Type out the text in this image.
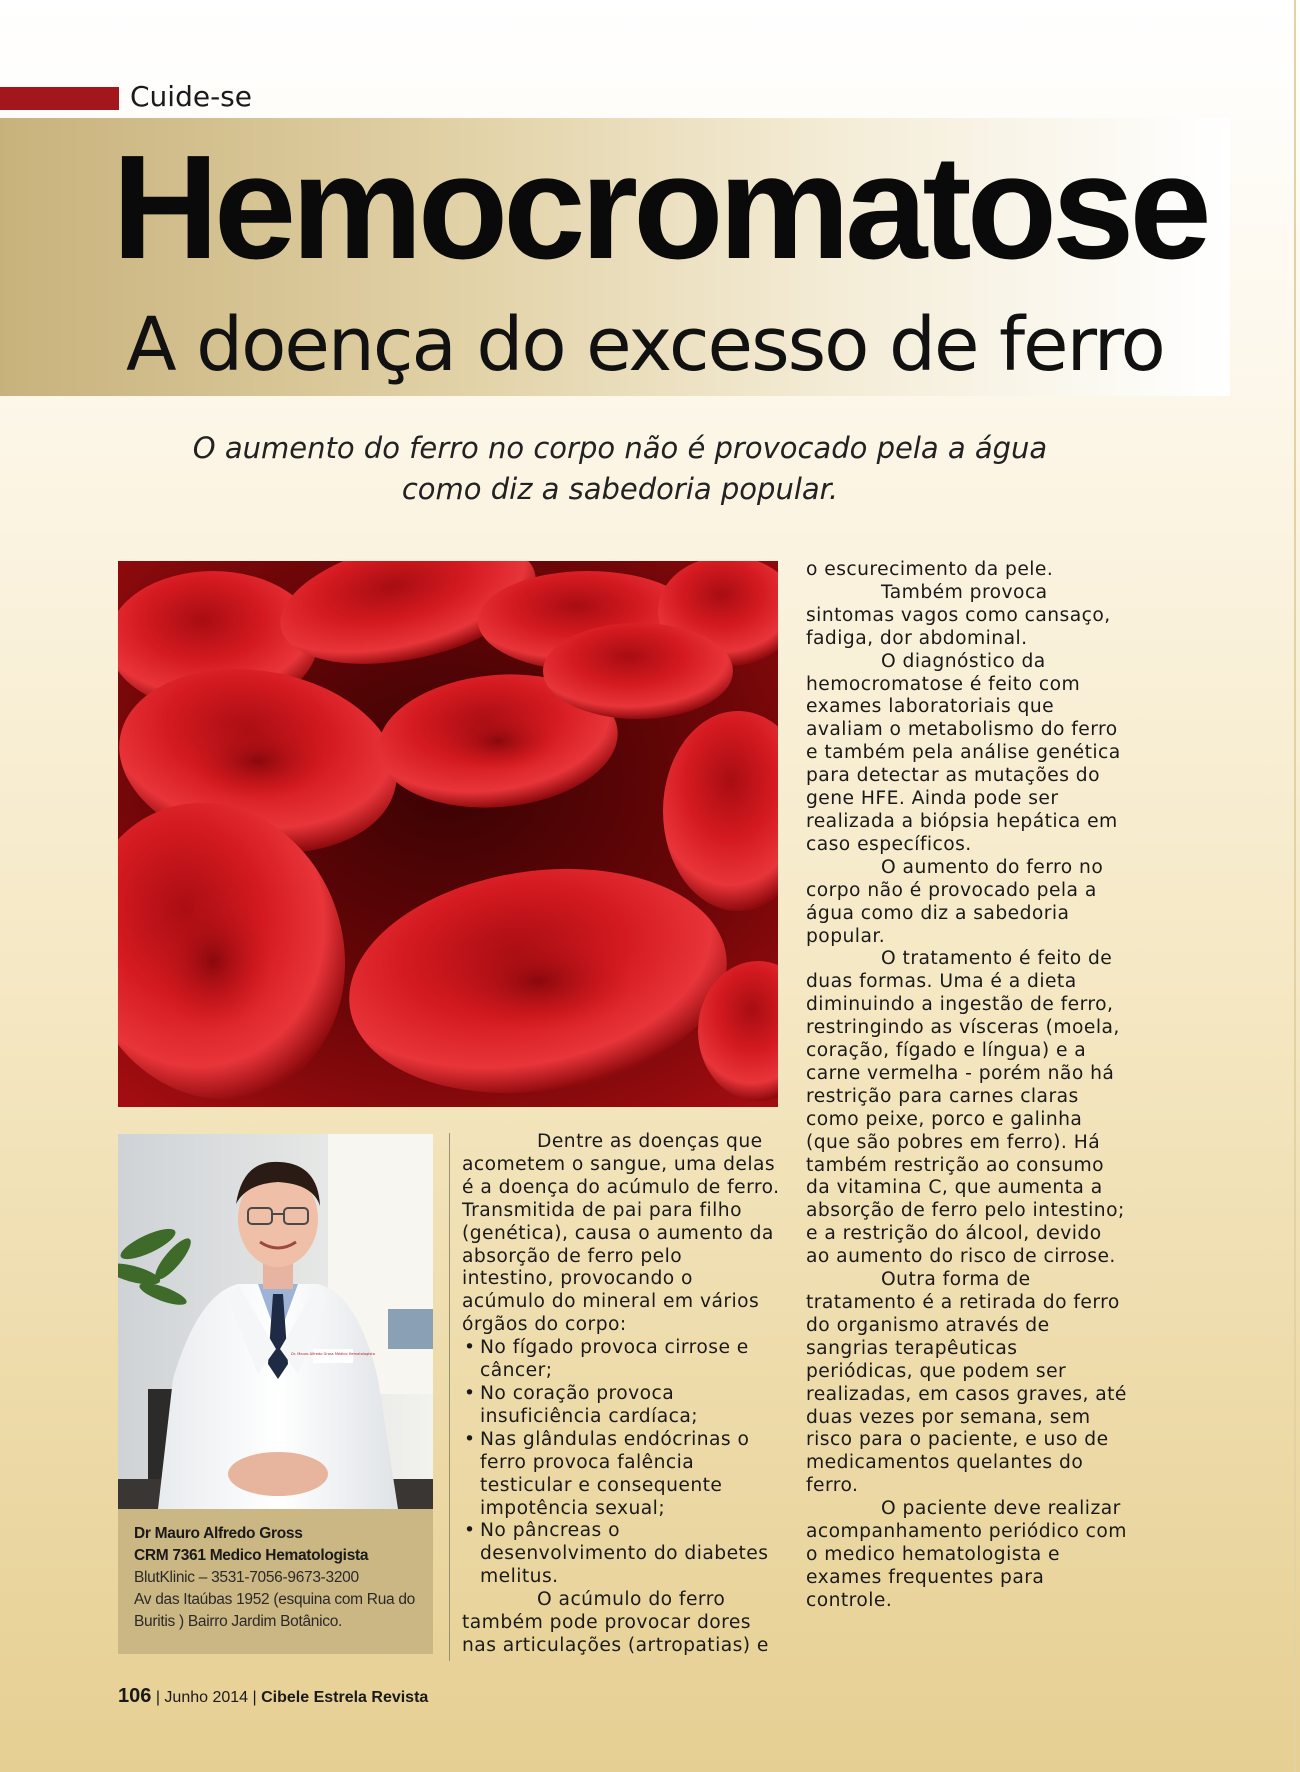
Cuide-se
Hemocromatose
A doença do excesso de ferro
O aumento do ferro no corpo não é provocado pela a água
como diz a sabedoria popular.
Dr. Mauro Alfredo Gross Médico Hematologista
Dr Mauro Alfredo Gross
CRM 7361 Medico Hematologista
BlutKlinic – 3531-7056-9673-3200
Av das Itaúbas 1952 (esquina com Rua do Buritis ) Bairro Jardim Botânico.

Dentre as doenças que acometem o sangue, uma delas é a doença do acúmulo de ferro. Transmitida de pai para filho (genética), causa o aumento da absorção de ferro pelo intestino, provocando o acúmulo do mineral em vários órgãos do corpo:

• No fígado provoca cirrose e câncer;
• No coração provoca insuficiência cardíaca;
• Nas glândulas endócrinas o ferro provoca falência testicular e consequente impotência sexual;
• No pâncreas o desenvolvimento do diabetes melitus.

O acúmulo do ferro também pode provocar dores nas articulações (artropatias) e

o escurecimento da pele.

Também provoca sintomas vagos como cansaço, fadiga, dor abdominal.

O diagnóstico da hemocromatose é feito com exames laboratoriais que avaliam o metabolismo do ferro e também pela análise genética para detectar as mutações do gene HFE. Ainda pode ser realizada a biópsia hepática em caso específicos.

O aumento do ferro no corpo não é provocado pela a água como diz a sabedoria popular.

O tratamento é feito de duas formas. Uma é a dieta diminuindo a ingestão de ferro, restringindo as vísceras (moela, coração, fígado e língua) e a carne vermelha - porém não há restrição para carnes claras como peixe, porco e galinha (que são pobres em ferro). Há também restrição ao consumo da vitamina C, que aumenta a absorção de ferro pelo intestino; e a restrição do álcool, devido ao aumento do risco de cirrose.

Outra forma de tratamento é a retirada do ferro do organismo através de sangrias terapêuticas periódicas, que podem ser realizadas, em casos graves, até duas vezes por semana, sem risco para o paciente, e uso de medicamentos quelantes do ferro.

O paciente deve realizar acompanhamento periódico com o medico hematologista e exames frequentes para controle.

106 | Junho 2014 | Cibele Estrela Revista
